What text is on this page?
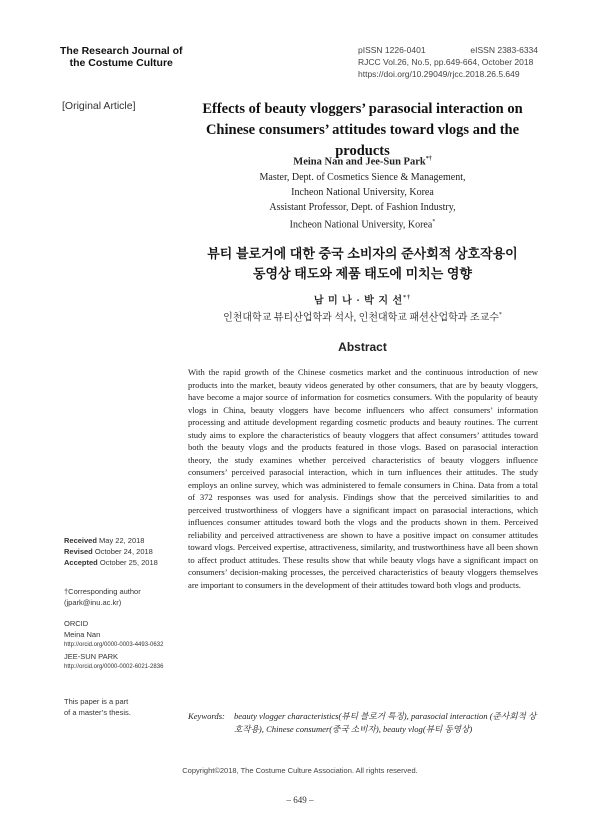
The Research Journal of
the Costume Culture
pISSN 1226-0401	eISSN 2383-6334
RJCC Vol.26, No.5, pp.649-664, October 2018
https://doi.org/10.29049/rjcc.2018.26.5.649
[Original Article]	Effects of beauty vloggers’ parasocial interaction on
Chinese consumers’ attitudes toward vlogs and the products
Meina Nan and Jee-Sun Park*†
Master, Dept. of Cosmetics Sience & Management,
Incheon National University, Korea
Assistant Professor, Dept. of Fashion Industry,
Incheon National University, Korea*
뷰티 블로거에 대한 중국 소비자의 준사회적 상호작용이
동영상 태도와 제품 태도에 미치는 영향
남 미 나 · 박 지 선*†
인천대학교 뷰티산업학과 석사, 인천대학교 패션산업학과 조교수*
Abstract
With the rapid growth of the Chinese cosmetics market and the continuous introduction of new products into the market, beauty videos generated by other consumers, that are by beauty vloggers, have become a major source of information for cosmetics consumers. With the popularity of beauty vlogs in China, beauty vloggers have become influencers who affect consumers’ information processing and attitude development regarding cosmetic products and beauty routines. The current study aims to explore the characteristics of beauty vloggers that affect consumers’ attitudes toward both the beauty vlogs and the products featured in those vlogs. Based on parasocial interaction theory, the study examines whether perceived characteristics of beauty vloggers influence consumers’ perceived parasocial interaction, which in turn influences their attitudes. The study employs an online survey, which was administered to female consumers in China. Data from a total of 372 responses was used for analysis. Findings show that the perceived similarities to and perceived trustworthiness of vloggers have a significant impact on parasocial interactions, which influences consumer attitudes toward both the vlogs and the products shown in them. Perceived reliability and perceived attractiveness are shown to have a positive impact on consumer attitudes toward vlogs. Perceived expertise, attractiveness, similarity, and trustworthiness have all been shown to affect product attitudes. These results show that while beauty vlogs have a significant impact on consumers’ decision-making processes, the perceived characteristics of beauty vloggers themselves are important to consumers in the development of their attitudes toward both vlogs and products.
Keywords: beauty vlogger characteristics(뷰티 블로거 특징), parasocial interaction (준사회적 상호작용), Chinese consumer(중국 소비자), beauty vlog(뷰티 동영상)
Received May 22, 2018
Revised October 24, 2018
Accepted October 25, 2018
†Corresponding author
(jpark@inu.ac.kr)
ORCID
Meina Nan
http://orcid.org/0000-0003-4493-0632
JEE-SUN PARK
http://orcid.org/0000-0002-6021-2836
This paper is a part of a master’s thesis.
Copyright©2018, The Costume Culture Association. All rights reserved.
– 649 –
